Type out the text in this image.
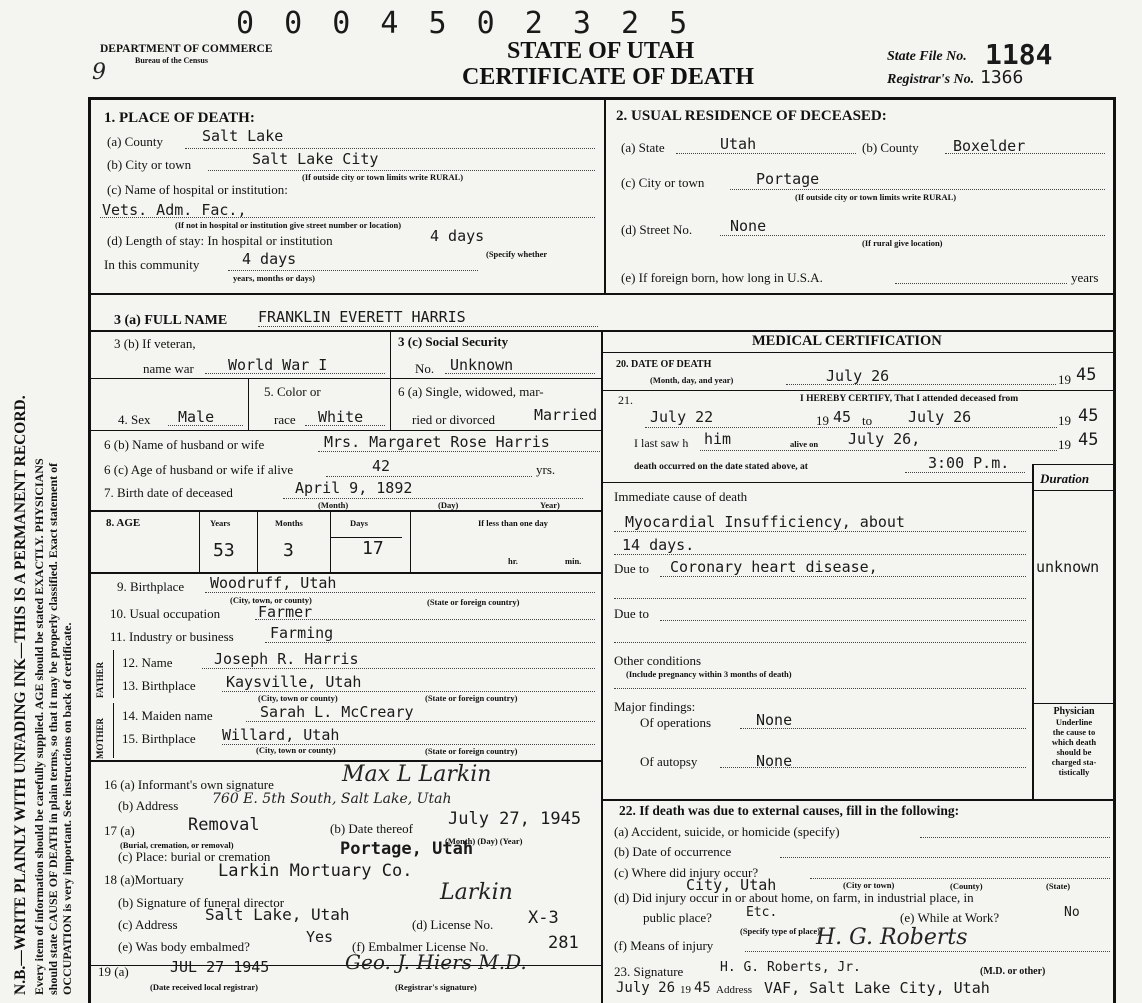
0 0 0 4 5 0 2 3 2 5
DEPARTMENT OF COMMERCE
Bureau of the Census	STATE OF UTAH
CERTIFICATE OF DEATH
State File No. 1184
Registrar's No. 1366
9
N.B.—WRITE PLAINLY WITH UNFADING INK—THIS IS A PERMANENT RECORD. Every item of information should be carefully supplied. AGE should be stated EXACTLY. PHYSICIANS should state CAUSE OF DEATH in plain terms, so that it may be properly classified. Exact statement of OCCUPATION is very important. See instructions on back of certificate.
1. PLACE OF DEATH:
(a) County	Salt Lake
(b) City or town	Salt Lake City
(If outside city or town limits write RURAL)
(c) Name of hospital or institution:
Vets. Adm. Fac.,
(If not in hospital or institution give street number or location)
(d) Length of stay: In hospital or institution	4 days
(Specify whether
In this community	4 days
years, months or days)
2. USUAL RESIDENCE OF DECEASED:
(a) State	Utah	(b) County Boxelder
(c) City or town	Portage
(If outside city or town limits write RURAL)
(d) Street No.	None
(If rural give location)
(e) If foreign born, how long in U.S.A.	years
3 (a) FULL NAME FRANKLIN EVERETT HARRIS
3 (b) If veteran,
name war World War I
3 (c) Social Security
No. Unknown
4. Sex Male
5. Color or
race White
6 (a) Single, widowed, mar-
ried or divorced	Married
6 (b) Name of husband or wife	Mrs. Margaret Rose Harris
6 (c) Age of husband or wife if alive	42	yrs.
7. Birth date of deceased	April 9, 1892
(Month)	(Day)	Year)
8. AGE	Years	Months	Days	If less than one day
hr.	min.
53	3	17
9. Birthplace Woodruff, Utah
(City, town, or county)	(State or foreign country)
10. Usual occupation	Farmer
11. Industry or business Farming
FATHER
MOTHER
12. Name	Joseph R. Harris
13. Birthplace Kaysville, Utah
(City, town or county)	(State or foreign country)
14. Maiden name	Sarah L. McCreary
15. Birthplace Willard, Utah
(City, town or county)	(State or foreign country)
16 (a) Informant's own signature	Max L Larkin
(b) Address 760 E. 5th South, Salt Lake, Utah
17 (a)	Removal
(Burial, cremation, or removal)
(b) Date thereof July 27, 1945
(Month) (Day) (Year)
(c) Place: burial or cremation	Portage, Utah
18 (a)Mortuary Larkin Mortuary Co.
(b) Signature of funeral director	Larkin
(c) Address
Salt Lake, Utah
(d) License No. X-3
(e) Was body embalmed?
Yes
(f) Embalmer License No.	281
19 (a)	JUL 27 1945
(Date received local registrar)
Geo. J. Hiers M.D.
(Registrar's signature)
MEDICAL CERTIFICATION
20. DATE OF DEATH
(Month, day, and year)	July 26	19 45
21.	I HEREBY CERTIFY, That I attended deceased from
July 22	19 45 to July 26	19 45
I last saw h him	alive on July 26,	19 45
death occurred on the date stated above, at	3:00 P.m.
Duration
Immediate cause of death
Myocardial Insufficiency, about
14 days.
Due to Coronary heart disease,	unknown
Due to
Other conditions
(Include pregnancy within 3 months of death)
Major findings:
Of operations	None
Of autopsy	None
Physician
Underline
the cause to
which death
should be
charged sta-
tistically
22. If death was due to external causes, fill in the following:
(a) Accident, suicide, or homicide (specify)
(b) Date of occurrence
(c) Where did injury occur?
City, Utah	(City or town)	(County)	(State)
(d) Did injury occur in or about home, on farm, in industrial place, in
public place?	Etc.
(Specify type of place)
(e) While at Work?	No
(f) Means of injury
23. Signature
H. G. Roberts
H. G. Roberts, Jr.	(M.D. or other)
July 26 19 45 Address VAF, Salt Lake City, Utah
